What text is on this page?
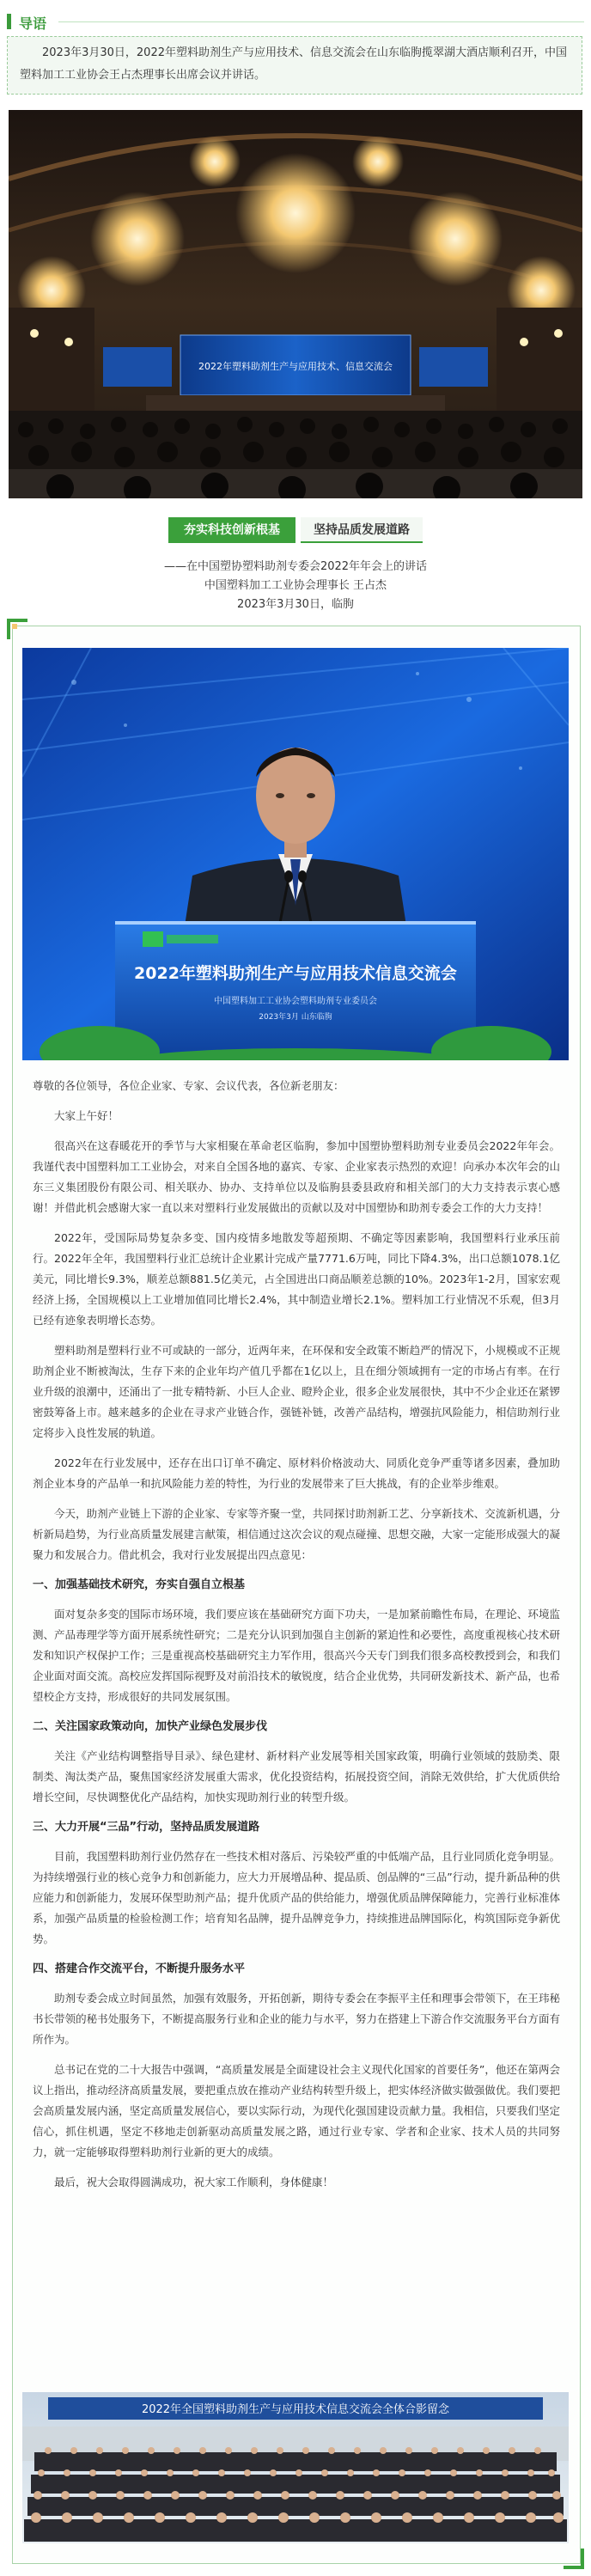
导语
2023年3月30日，2022年塑料助剂生产与应用技术、信息交流会在山东临朐揽翠湖大酒店顺利召开，中国塑料加工工业协会王占杰理事长出席会议并讲话。
2022年塑料助剂生产与应用技术、信息交流会
夯实科技创新根基	坚持品质发展道路
——在中国塑协塑料助剂专委会2022年年会上的讲话
中国塑料加工工业协会理事长 王占杰
2023年3月30日，临朐
2022年塑料助剂生产与应用技术信息交流会
中国塑料加工工业协会塑料助剂专业委员会
2023年3月 山东临朐

尊敬的各位领导，各位企业家、专家、会议代表，各位新老朋友：

大家上午好！

很高兴在这春暖花开的季节与大家相聚在革命老区临朐，参加中国塑协塑料助剂专业委员会2022年年会。我谨代表中国塑料加工工业协会，对来自全国各地的嘉宾、专家、企业家表示热烈的欢迎！向承办本次年会的山东三义集团股份有限公司、相关联办、协办、支持单位以及临朐县委县政府和相关部门的大力支持表示衷心感谢！并借此机会感谢大家一直以来对塑料行业发展做出的贡献以及对中国塑协和助剂专委会工作的大力支持！

2022年，受国际局势复杂多变、国内疫情多地散发等超预期、不确定等因素影响，我国塑料行业承压前行。2022年全年，我国塑料行业汇总统计企业累计完成产量7771.6万吨，同比下降4.3%，出口总额1078.1亿美元，同比增长9.3%，顺差总额881.5亿美元，占全国进出口商品顺差总额的10%。2023年1-2月，国家宏观经济上扬，全国规模以上工业增加值同比增长2.4%，其中制造业增长2.1%。塑料加工行业情况不乐观，但3月已经有迹象表明增长态势。

塑料助剂是塑料行业不可或缺的一部分，近两年来，在环保和安全政策不断趋严的情况下，小规模或不正规助剂企业不断被淘汰，生存下来的企业年均产值几乎都在1亿以上，且在细分领域拥有一定的市场占有率。在行业升级的浪潮中，还涌出了一批专精特新、小巨人企业、瞪羚企业，很多企业发展很快，其中不少企业还在紧锣密鼓筹备上市。越来越多的企业在寻求产业链合作，强链补链，改善产品结构，增强抗风险能力，相信助剂行业定将步入良性发展的轨道。

2022年在行业发展中，还存在出口订单不确定、原材料价格波动大、同质化竞争严重等诸多因素，叠加助剂企业本身的产品单一和抗风险能力差的特性，为行业的发展带来了巨大挑战，有的企业举步维艰。

今天，助剂产业链上下游的企业家、专家等齐聚一堂，共同探讨助剂新工艺、分享新技术、交流新机遇，分析新局趋势，为行业高质量发展建言献策，相信通过这次会议的观点碰撞、思想交融，大家一定能形成强大的凝聚力和发展合力。借此机会，我对行业发展提出四点意见：

一、加强基础技术研究，夯实自强自立根基

面对复杂多变的国际市场环境，我们要应该在基础研究方面下功夫，一是加紧前瞻性布局，在理论、环境监测、产品毒理学等方面开展系统性研究；二是充分认识到加强自主创新的紧迫性和必要性，高度重视核心技术研发和知识产权保护工作；三是重视高校基础研究主力军作用，很高兴今天专门到我们很多高校教授到会，和我们企业面对面交流。高校应发挥国际视野及对前沿技术的敏锐度，结合企业优势，共同研发新技术、新产品，也希望校企方支持，形成很好的共同发展氛围。

二、关注国家政策动向，加快产业绿色发展步伐

关注《产业结构调整指导目录》、绿色建材、新材料产业发展等相关国家政策，明确行业领域的鼓励类、限制类、淘汰类产品，聚焦国家经济发展重大需求，优化投资结构，拓展投资空间，消除无效供给，扩大优质供给增长空间，尽快调整优化产品结构，加快实现助剂行业的转型升级。

三、大力开展“三品”行动，坚持品质发展道路

目前，我国塑料助剂行业仍然存在一些技术相对落后、污染较严重的中低端产品，且行业同质化竞争明显。为持续增强行业的核心竞争力和创新能力，应大力开展增品种、提品质、创品牌的“三品”行动，提升新品种的供应能力和创新能力，发展环保型助剂产品；提升优质产品的供给能力，增强优质品牌保障能力，完善行业标准体系，加强产品质量的检验检测工作；培育知名品牌，提升品牌竞争力，持续推进品牌国际化，构筑国际竞争新优势。

四、搭建合作交流平台，不断提升服务水平

助剂专委会成立时间虽然，加强有效服务，开拓创新，期待专委会在李振平主任和理事会带领下，在王玮秘书长带领的秘书处服务下，不断提高服务行业和企业的能力与水平，努力在搭建上下游合作交流服务平台方面有所作为。

总书记在党的二十大报告中强调，“高质量发展是全面建设社会主义现代化国家的首要任务”，他还在第两会议上指出，推动经济高质量发展，要把重点放在推动产业结构转型升级上，把实体经济做实做强做优。我们要把会高质量发展内涵，坚定高质量发展信心，要以实际行动，为现代化强国建设贡献力量。我相信，只要我们坚定信心，抓住机遇，坚定不移地走创新驱动高质量发展之路，通过行业专家、学者和企业家、技术人员的共同努力，就一定能够取得塑料助剂行业新的更大的成绩。

最后，祝大会取得圆满成功，祝大家工作顺利，身体健康！

2022年全国塑料助剂生产与应用技术信息交流会全体合影留念
